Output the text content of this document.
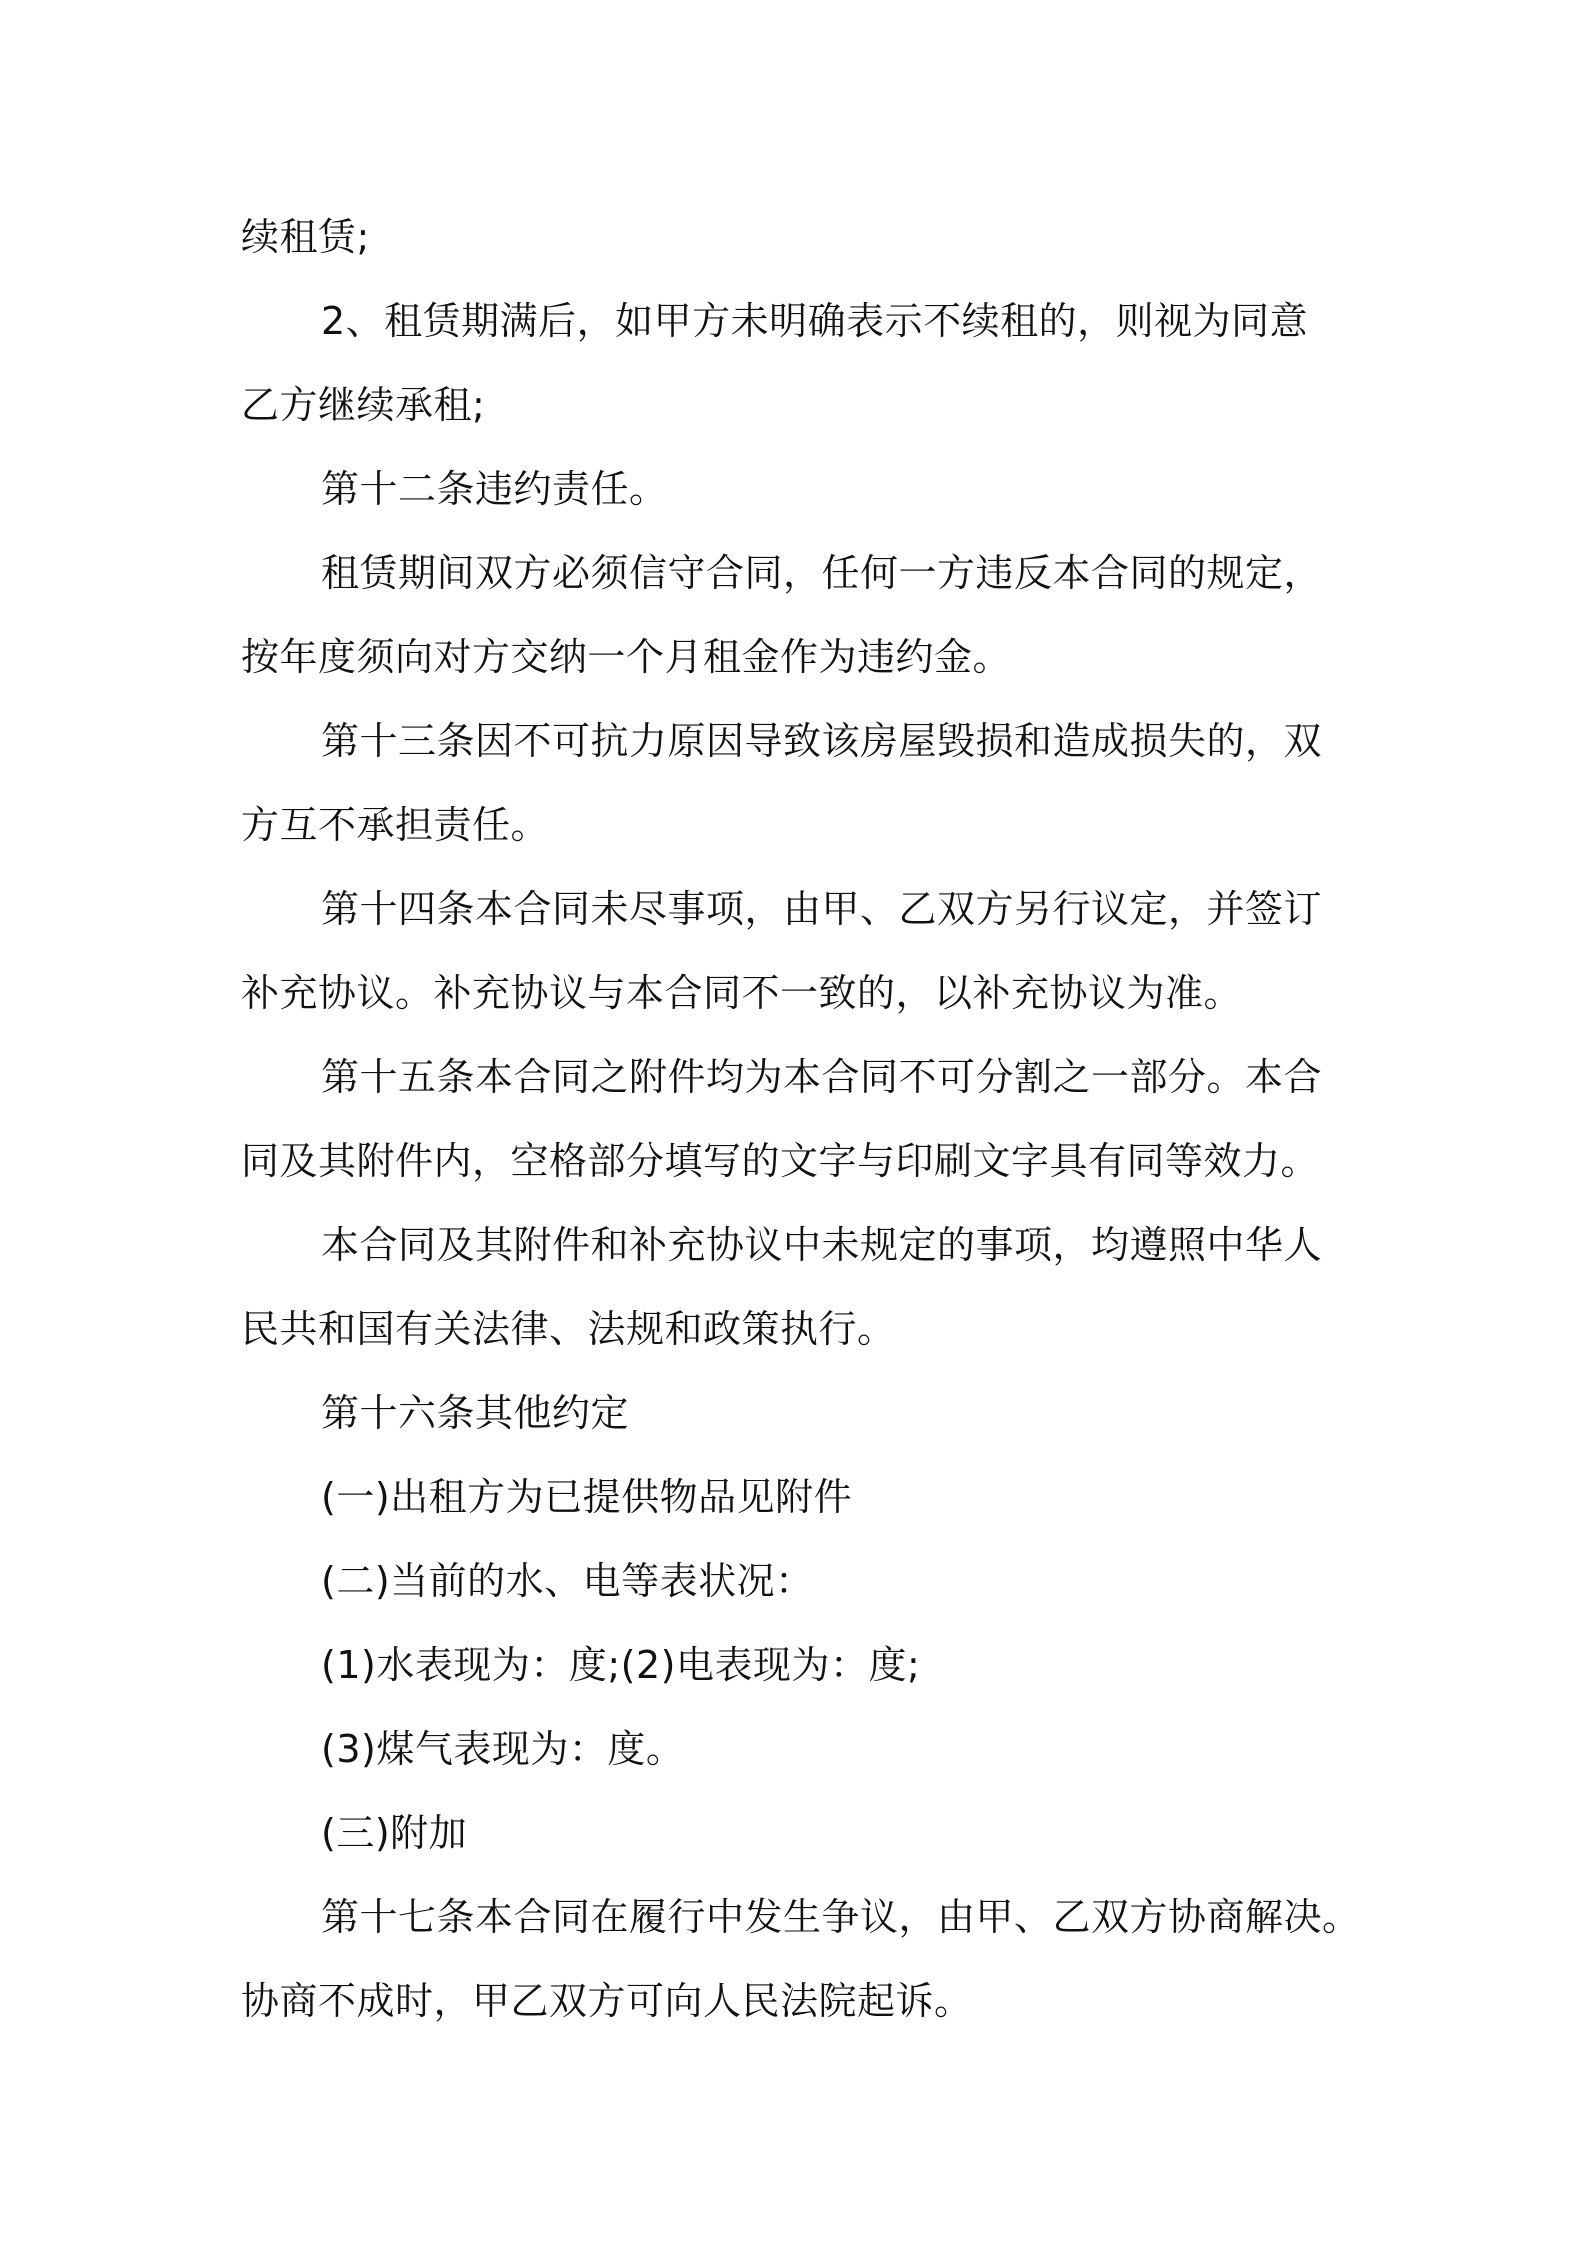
续租赁;
2、租赁期满后，如甲方未明确表示不续租的，则视为同意
乙方继续承租;
第十二条违约责任。
租赁期间双方必须信守合同，任何一方违反本合同的规定，
按年度须向对方交纳一个月租金作为违约金。
第十三条因不可抗力原因导致该房屋毁损和造成损失的，双
方互不承担责任。
第十四条本合同未尽事项，由甲、乙双方另行议定，并签订
补充协议。补充协议与本合同不一致的，以补充协议为准。
第十五条本合同之附件均为本合同不可分割之一部分。本合
同及其附件内，空格部分填写的文字与印刷文字具有同等效力。
本合同及其附件和补充协议中未规定的事项，均遵照中华人
民共和国有关法律、法规和政策执行。
第十六条其他约定
(一)出租方为已提供物品见附件
(二)当前的水、电等表状况：
(1)水表现为：度;(2)电表现为：度;
(3)煤气表现为：度。
(三)附加
第十七条本合同在履行中发生争议，由甲、乙双方协商解决。
协商不成时，甲乙双方可向人民法院起诉。
